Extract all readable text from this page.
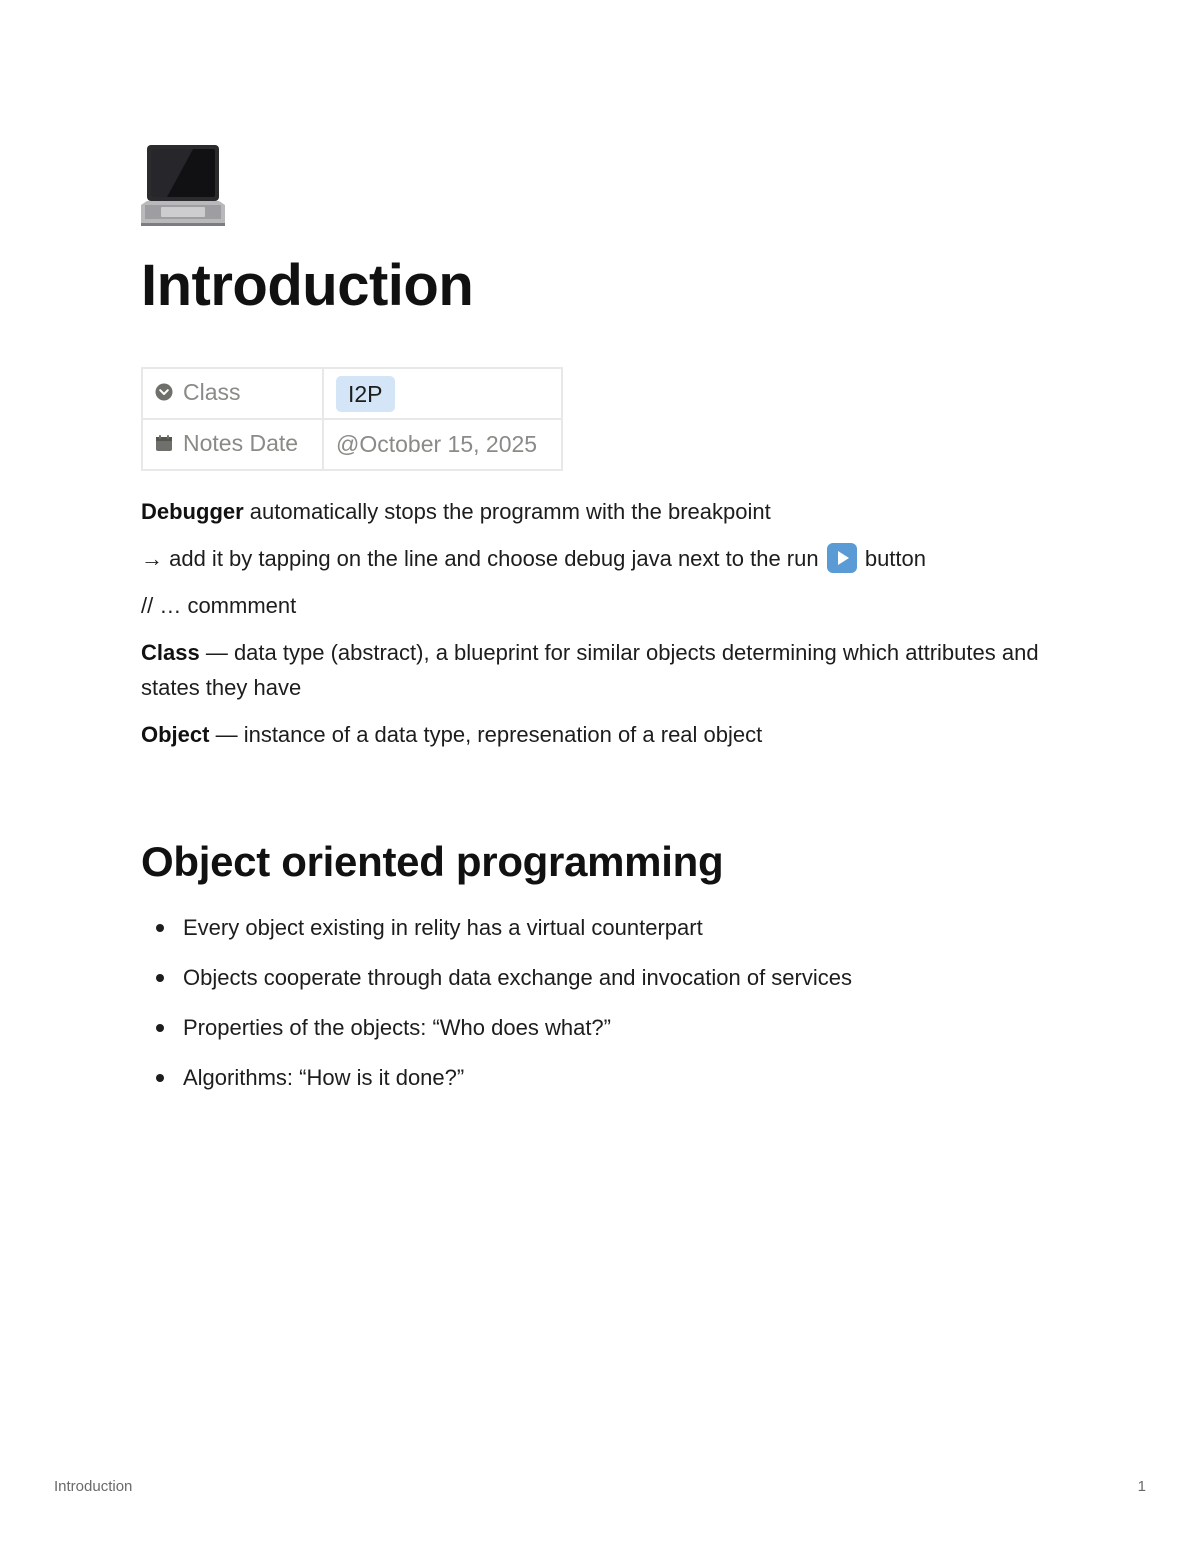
Introduction
Class	I2P
Notes Date	@October 15, 2025

Debugger automatically stops the programm with the breakpoint

→ add it by tapping on the line and choose debug java next to the run
button

// … commment

Class — data type (abstract), a blueprint for similar objects determining which attributes and states they have

Object — instance of a data type, represenation of a real object

Object oriented programming
Every object existing in relity has a virtual counterpart
Objects cooperate through data exchange and invocation of services
Properties of the objects: “Who does what?”
Algorithms: “How is it done?”
Introduction	1
